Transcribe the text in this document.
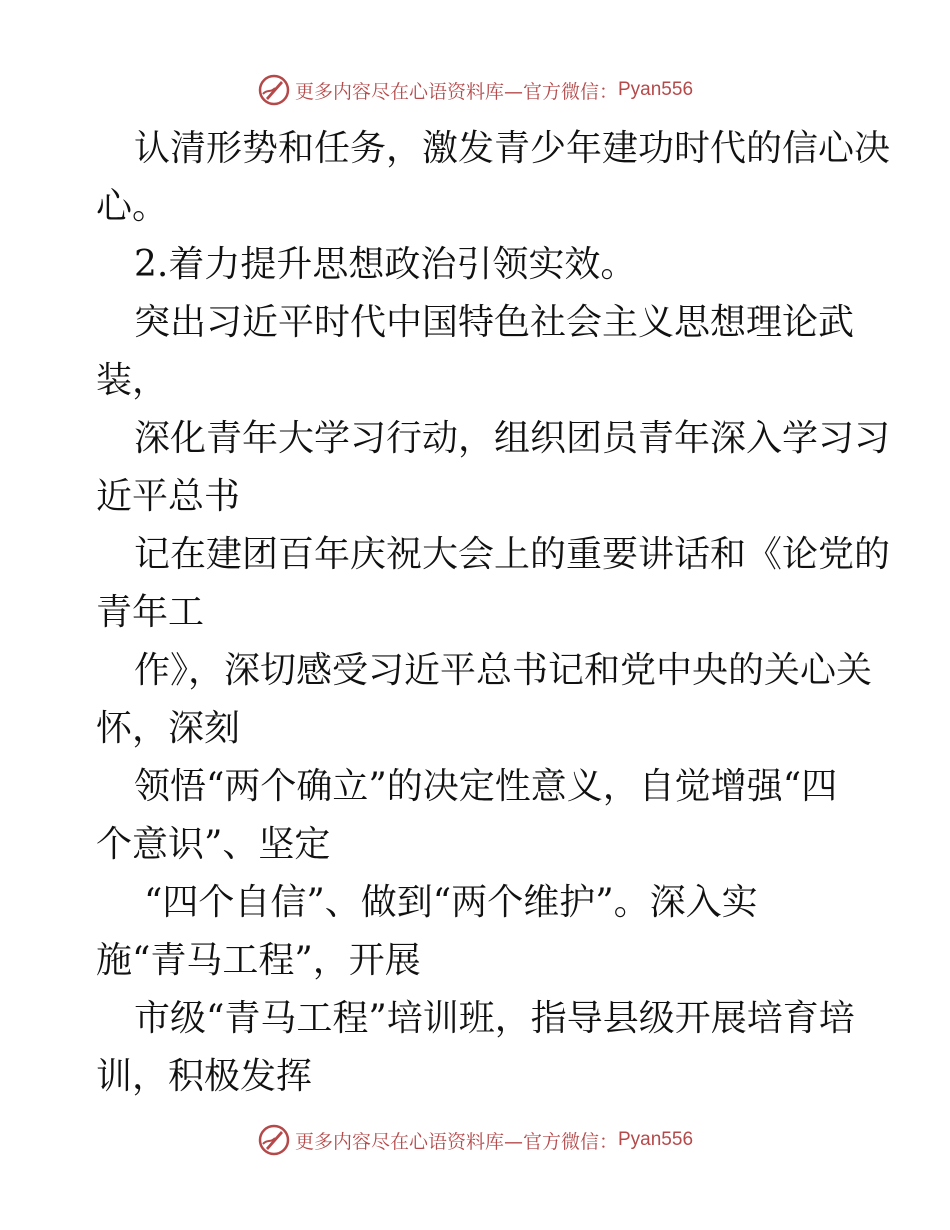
更多内容尽在心语资料库—官方微信： Pyan556
认清形势和任务，激发青少年建功时代的信心决
心。
2.着力提升思想政治引领实效。
突出习近平时代中国特色社会主义思想理论武
装，
深化青年大学习行动，组织团员青年深入学习习
近平总书
记在建团百年庆祝大会上的重要讲话和《论党的
青年工
作》，深切感受习近平总书记和党中央的关心关
怀，深刻
领悟“两个确立”的决定性意义，自觉增强“四
个意识”、坚定
“四个自信”、做到“两个维护”。深入实
施“青马工程”，开展
市级“青马工程”培训班，指导县级开展培育培
训，积极发挥
更多内容尽在心语资料库—官方微信： Pyan556
